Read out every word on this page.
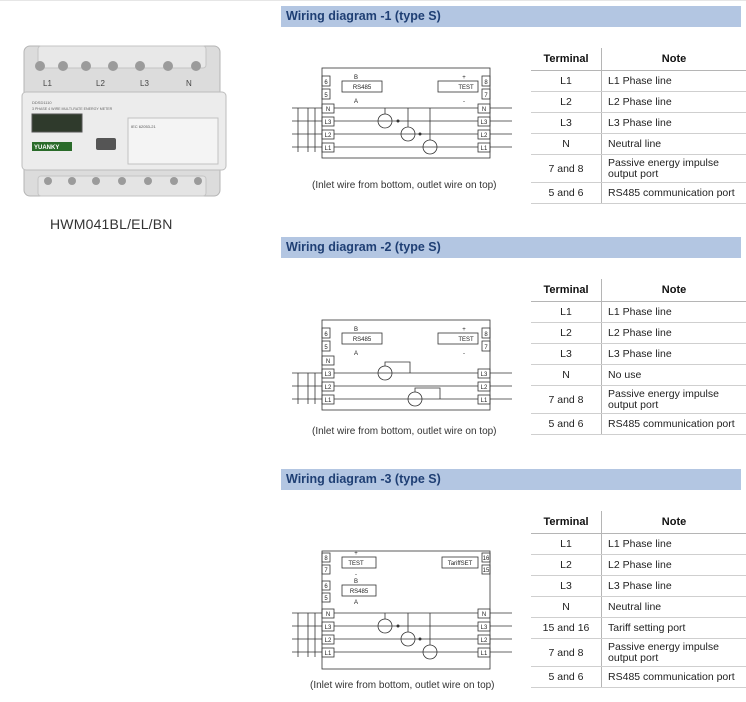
L1	L2	L3	N
DDSD1110
3 PHASE 4 WIRE MULTI-RATE ENERGY METER
IEC 62053-21
YUANKY
HWM041BL/EL/BN
Wiring diagram -1 (type S)
6
5
B
A
RS485
+
-
TEST
8
7
N
L3
L2
L1
N
L3
L2
L1
(Inlet wire from bottom, outlet wire on top)
Terminal	Note
L1	L1 Phase line
L2	L2 Phase line
L3	L3 Phase line
N	Neutral line
7 and 8	Passive energy impulse output port
5 and 6	RS485 communication port
Wiring diagram -2 (type S)
6
5
B
A
RS485
+
-
TEST
8
7
N
L3
L2
L1
L3
L2
L1
(Inlet wire from bottom, outlet wire on top)
Terminal	Note
L1	L1 Phase line
L2	L2 Phase line
L3	L3 Phase line
N	No use
7 and 8	Passive energy impulse output port
5 and 6	RS485 communication port
Wiring diagram -3 (type S)
8
7
+
-
TEST
6
5
B
A
RS485
TariffSET
16
15
N
L3
L2
L1
N
L3
L2
L1
(Inlet wire from bottom, outlet wire on top)
Terminal	Note
L1	L1 Phase line
L2	L2 Phase line
L3	L3 Phase line
N	Neutral line
15 and 16	Tariff setting port
7 and 8	Passive energy impulse output port
5 and 6	RS485 communication port
